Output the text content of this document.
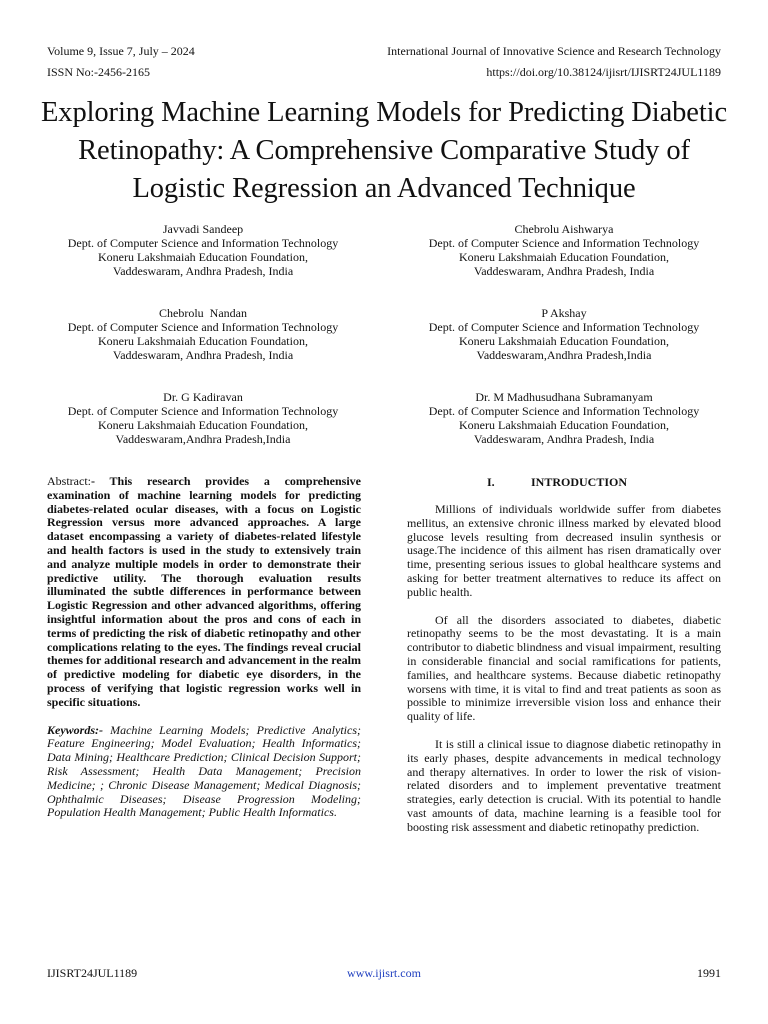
Volume 9, Issue 7, July – 2024	International Journal of Innovative Science and Research Technology
ISSN No:-2456-2165	https://doi.org/10.38124/ijisrt/IJISRT24JUL1189
Exploring Machine Learning Models for Predicting Diabetic Retinopathy: A Comprehensive Comparative Study of Logistic Regression an Advanced Technique
Javvadi Sandeep
Dept. of Computer Science and Information Technology
Koneru Lakshmaiah Education Foundation,
Vaddeswaram, Andhra Pradesh, India
Chebrolu Aishwarya
Dept. of Computer Science and Information Technology
Koneru Lakshmaiah Education Foundation,
Vaddeswaram, Andhra Pradesh, India
Chebrolu  Nandan
Dept. of Computer Science and Information Technology
Koneru Lakshmaiah Education Foundation,
Vaddeswaram, Andhra Pradesh, India
P Akshay
Dept. of Computer Science and Information Technology
Koneru Lakshmaiah Education Foundation,
Vaddeswaram,Andhra Pradesh,India
Dr. G Kadiravan
Dept. of Computer Science and Information Technology
Koneru Lakshmaiah Education Foundation,
Vaddeswaram,Andhra Pradesh,India
Dr. M Madhusudhana Subramanyam
Dept. of Computer Science and Information Technology
Koneru Lakshmaiah Education Foundation,
Vaddeswaram, Andhra Pradesh, India
Abstract:- This research provides a comprehensive examination of machine learning models for predicting diabetes-related ocular diseases, with a focus on Logistic Regression versus more advanced approaches. A large dataset encompassing a variety of diabetes-related lifestyle and health factors is used in the study to extensively train and analyze multiple models in order to demonstrate their predictive utility. The thorough evaluation results illuminated the subtle differences in performance between Logistic Regression and other advanced algorithms, offering insightful information about the pros and cons of each in terms of predicting the risk of diabetic retinopathy and other complications relating to the eyes. The findings reveal crucial themes for additional research and advancement in the realm of predictive modeling for diabetic eye disorders, in the process of verifying that logistic regression works well in specific situations.
Keywords:- Machine Learning Models; Predictive Analytics; Feature Engineering; Model Evaluation; Health Informatics; Data Mining; Healthcare Prediction; Clinical Decision Support; Risk Assessment; Health Data Management; Precision Medicine; ; Chronic Disease Management; Medical Diagnosis; Ophthalmic Diseases; Disease Progression Modeling; Population Health Management; Public Health Informatics.
I.	INTRODUCTION

Millions of individuals worldwide suffer from diabetes mellitus, an extensive chronic illness marked by elevated blood glucose levels resulting from decreased insulin synthesis or usage.The incidence of this ailment has risen dramatically over time, presenting serious issues to global healthcare systems and asking for better treatment alternatives to reduce its affect on public health.

Of all the disorders associated to diabetes, diabetic retinopathy seems to be the most devastating. It is a main contributor to diabetic blindness and visual impairment, resulting in considerable financial and social ramifications for patients, families, and healthcare systems. Because diabetic retinopathy worsens with time, it is vital to find and treat patients as soon as possible to minimize irreversible vision loss and enhance their quality of life.

It is still a clinical issue to diagnose diabetic retinopathy in its early phases, despite advancements in medical technology and therapy alternatives. In order to lower the risk of vision-related disorders and to implement preventative treatment strategies, early detection is crucial. With its potential to handle vast amounts of data, machine learning is a feasible tool for boosting risk assessment and diabetic retinopathy prediction.

IJISRT24JUL1189	www.ijisrt.com	1991
